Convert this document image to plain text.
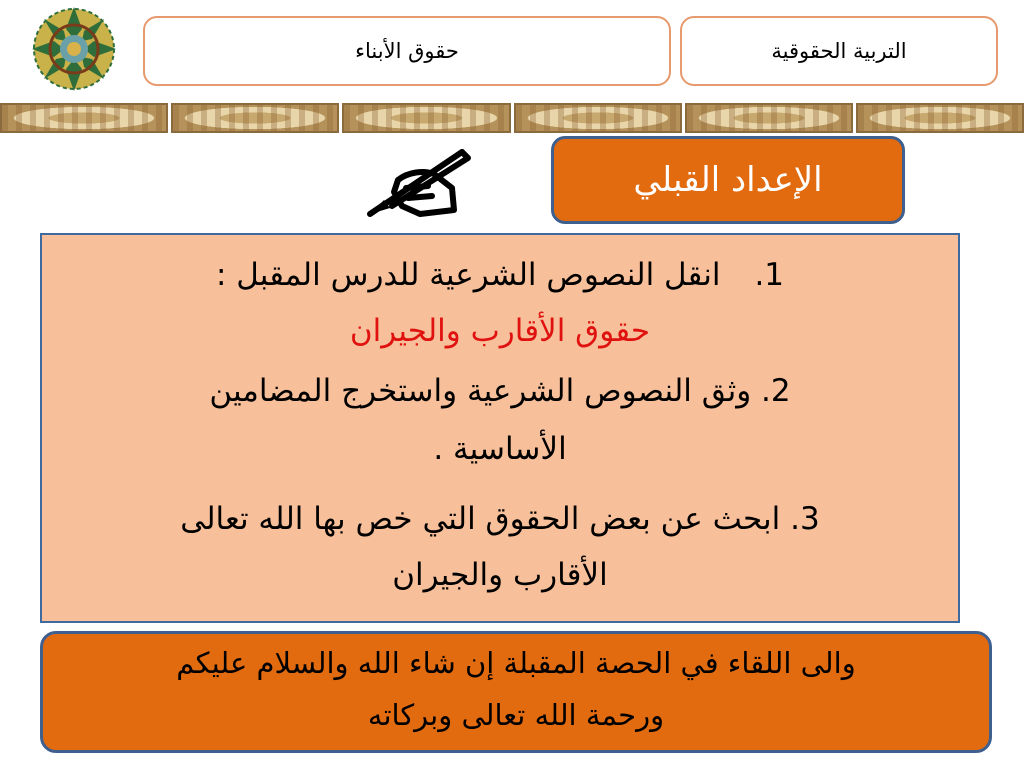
حقوق الأبناء	التربية الحقوقية
الإعداد القبلي
1.انقل النصوص الشرعية للدرس المقبل :
حقوق الأقارب والجيران
2. وثق النصوص الشرعية واستخرج المضامين
الأساسية .
3. ابحث عن بعض الحقوق التي خص بها الله تعالى
الأقارب والجيران
والى اللقاء في الحصة المقبلة إن شاء الله والسلام عليكم
ورحمة الله تعالى وبركاته
